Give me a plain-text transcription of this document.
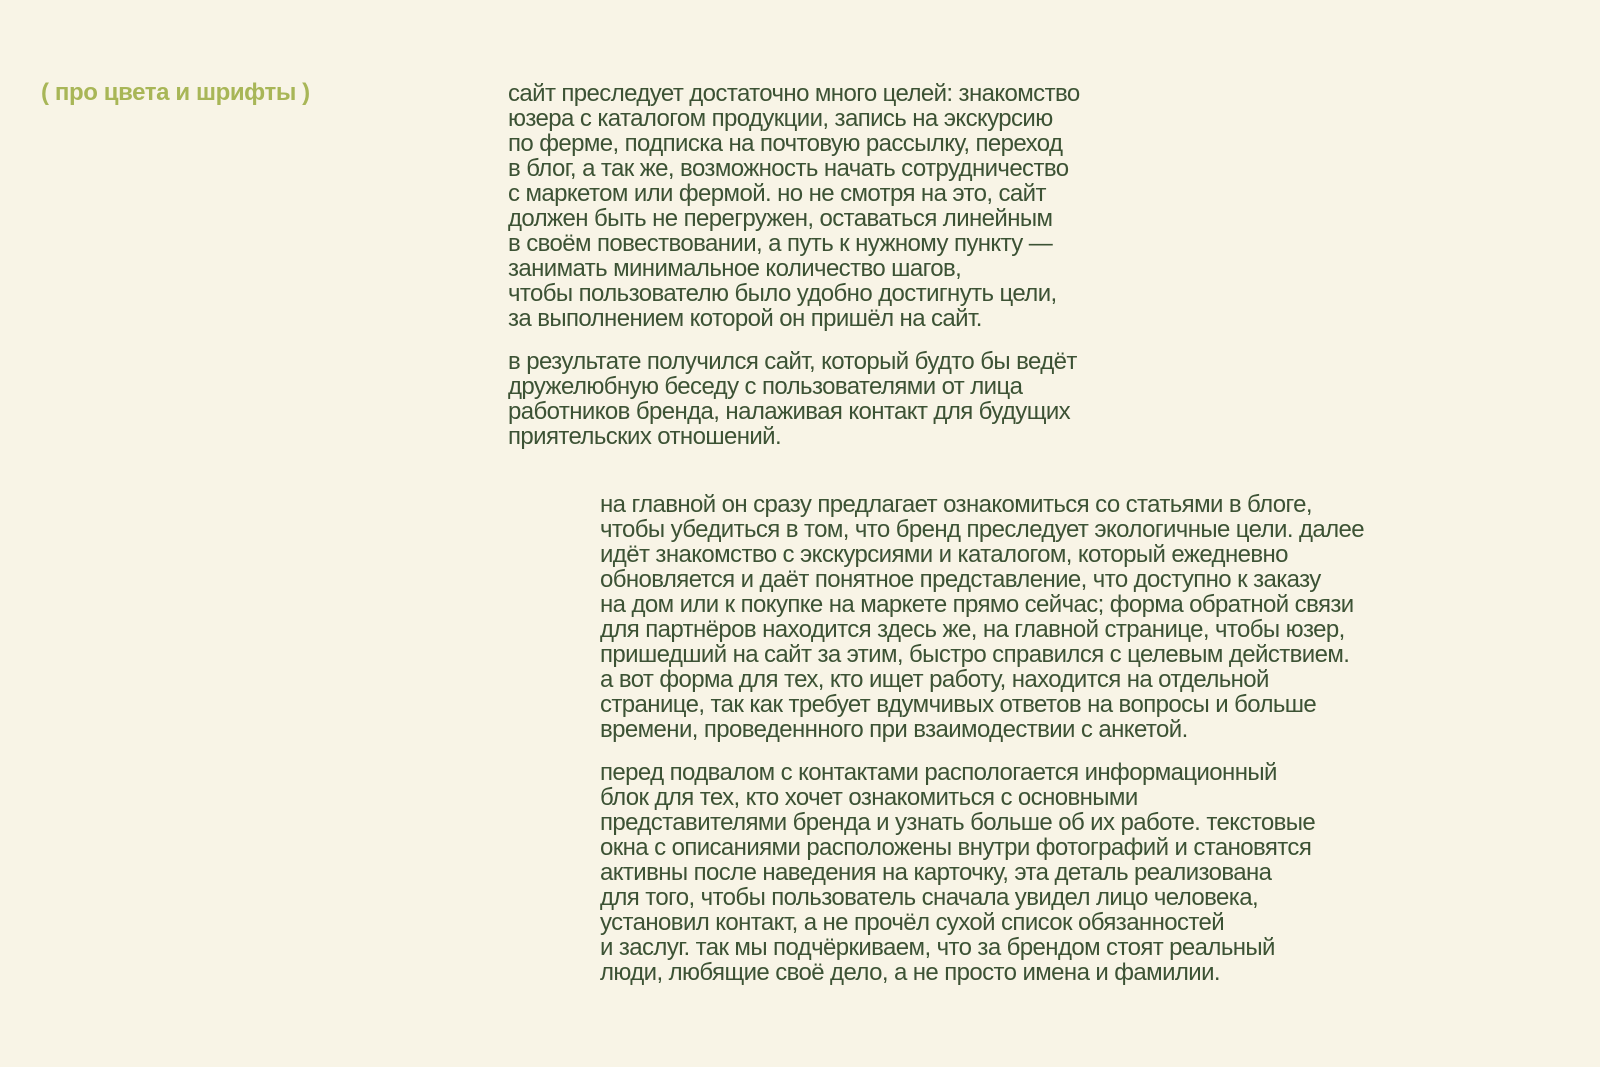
( про цвета и шрифты )	сайт преследует достаточно много целей: знакомство
юзера с каталогом продукции, запись на экскурсию
по ферме, подписка на почтовую рассылку, переход
в блог, а так же, возможность начать сотрудничество
с маркетом или фермой. но не смотря на это, сайт
должен быть не перегружен, оставаться линейным
в своём повествовании, а путь к нужному пункту —
занимать минимальное количество шагов,
чтобы пользователю было удобно достигнуть цели,
за выполнением которой он пришёл на сайт.

в результате получился сайт, который будто бы ведёт
дружелюбную беседу с пользователями от лица
работников бренда, налаживая контакт для будущих
приятельских отношений.

на главной он сразу предлагает ознакомиться со статьями в блоге,
чтобы убедиться в том, что бренд преследует экологичные цели. далее
идёт знакомство с экскурсиями и каталогом, который ежедневно
обновляется и даёт понятное представление, что доступно к заказу
на дом или к покупке на маркете прямо сейчас; форма обратной связи
для партнёров находится здесь же, на главной странице, чтобы юзер,
пришедший на сайт за этим, быстро справился с целевым действием.
а вот форма для тех, кто ищет работу, находится на отдельной
странице, так как требует вдумчивых ответов на вопросы и больше
времени, проведеннного при взаимодествии с анкетой.

перед подвалом с контактами распологается информационный
блок для тех, кто хочет ознакомиться с основными
представителями бренда и узнать больше об их работе. текстовые
окна с описаниями расположены внутри фотографий и становятся
активны после наведения на карточку, эта деталь реализована
для того, чтобы пользователь сначала увидел лицо человека,
установил контакт, а не прочёл сухой список обязанностей
и заслуг. так мы подчёркиваем, что за брендом стоят реальный
люди, любящие своё дело, а не просто имена и фамилии.
